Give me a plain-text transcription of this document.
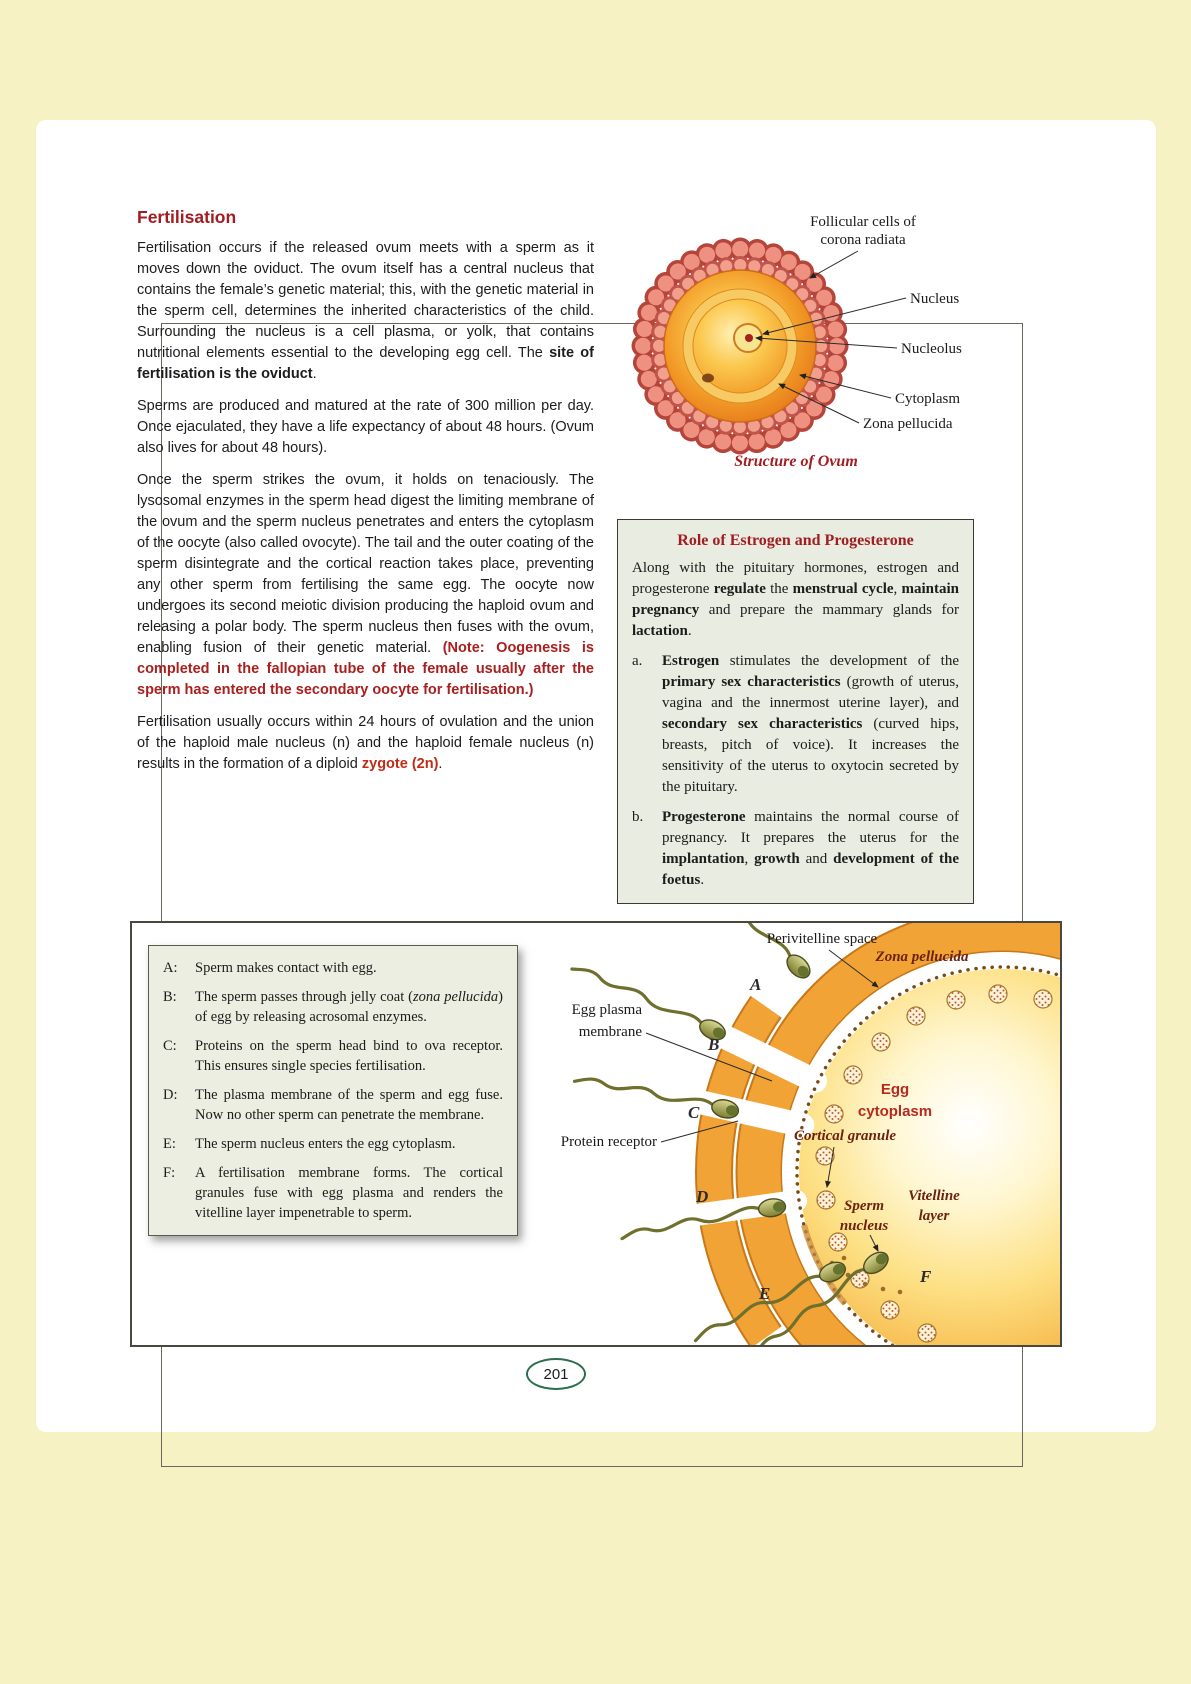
Fertilisation

Fertilisation occurs if the released ovum meets with a sperm as it moves down the oviduct. The ovum itself has a central nucleus that contains the female’s genetic material; this, with the genetic material in the sperm cell, determines the inherited characteristics of the child. Surrounding the nucleus is a cell plasma, or yolk, that contains nutritional elements essential to the developing egg cell. The site of fertilisation is the oviduct.

Sperms are produced and matured at the rate of 300 million per day. Once ejaculated, they have a life expectancy of about 48 hours. (Ovum also lives for about 48 hours).

Once the sperm strikes the ovum, it holds on tenaciously. The lysosomal enzymes in the sperm head digest the limiting membrane of the ovum and the sperm nucleus penetrates and enters the cytoplasm of the oocyte (also called ovocyte). The tail and the outer coating of the sperm disintegrate and the cortical reaction takes place, preventing any other sperm from fertilising the same egg. The oocyte now undergoes its second meiotic division producing the haploid ovum and releasing a polar body. The sperm nucleus then fuses with the ovum, enabling fusion of their genetic material. (Note: Oogenesis is completed in the fallopian tube of the female usually after the sperm has entered the secondary oocyte for fertilisation.)

Fertilisation usually occurs within 24 hours of ovulation and the union of the haploid male nucleus (n) and the haploid female nucleus (n) results in the formation of a diploid zygote (2n).

Follicular cells of
corona radiata
Nucleus
Nucleolus
Cytoplasm
Zona pellucida
Structure of Ovum
Role of Estrogen and Progesterone

Along with the pituitary hormones, estrogen and progesterone regulate the menstrual cycle, maintain pregnancy and prepare the mammary glands for lactation.

a.	Estrogen stimulates the development of the primary sex characteristics (growth of uterus, vagina and the innermost uterine layer), and secondary sex characteristics (curved hips, breasts, pitch of voice). It increases the sensitivity of the uterus to oxytocin secreted by the pituitary.
b.	Progesterone maintains the normal course of pregnancy. It prepares the uterus for the implantation, growth and development of the foetus.
A
B
C
D
E
F
Perivitelline space
Zona pellucida
Egg plasma
membrane
Protein receptor
Egg
cytoplasm
Cortical granule
Sperm
nucleus
Vitelline
layer
A:	Sperm makes contact with egg.
B:	The sperm passes through jelly coat (zona pellucida) of egg by releasing acrosomal enzymes.
C:	Proteins on the sperm head bind to ova receptor. This ensures single species fertilisation.
D:	The plasma membrane of the sperm and egg fuse. Now no other sperm can penetrate the membrane.
E:	The sperm nucleus enters the egg cytoplasm.
F:	A fertilisation membrane forms. The cortical granules fuse with egg plasma and renders the vitelline layer impenetrable to sperm.
201
